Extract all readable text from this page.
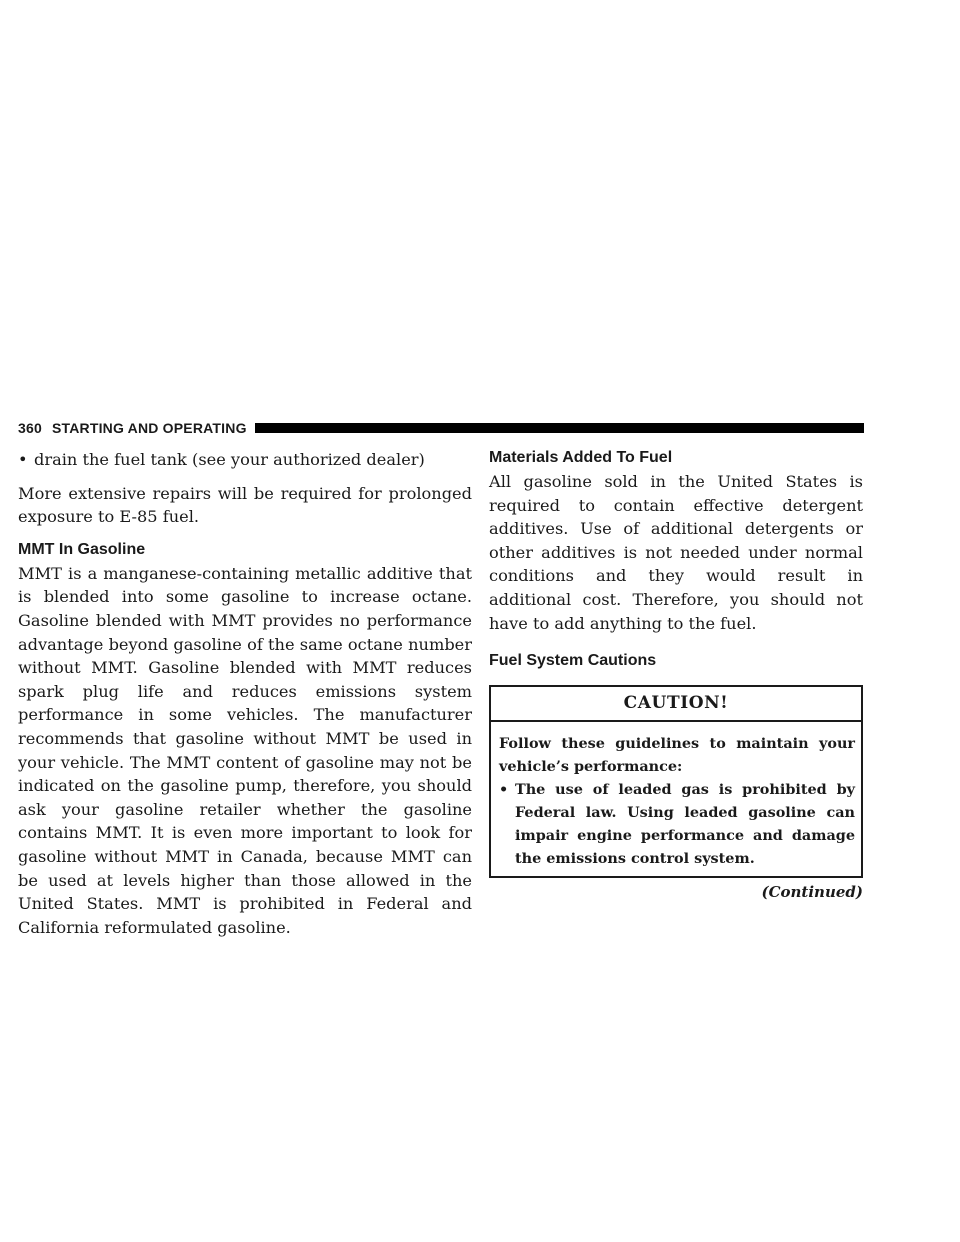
360 STARTING AND OPERATING
• drain the fuel tank (see your authorized dealer)

More extensive repairs will be required for prolonged exposure to E-85 fuel.

MMT In Gasoline

MMT is a manganese-containing metallic additive that is blended into some gasoline to increase octane. Gasoline blended with MMT provides no performance advantage beyond gasoline of the same octane number without MMT. Gasoline blended with MMT reduces spark plug life and reduces emissions system performance in some vehicles. The manufacturer recommends that gasoline without MMT be used in your vehicle. The MMT content of gasoline may not be indicated on the gasoline pump, therefore, you should ask your gasoline retailer whether the gasoline contains MMT. It is even more important to look for gasoline without MMT in Canada, because MMT can be used at levels higher than those allowed in the United States. MMT is prohibited in Federal and California reformulated gasoline.

Materials Added To Fuel

All gasoline sold in the United States is required to contain effective detergent additives. Use of additional detergents or other additives is not needed under normal conditions and they would result in additional cost. Therefore, you should not have to add anything to the fuel.

Fuel System Cautions
CAUTION!

Follow these guidelines to maintain your vehicle’s performance:

• The use of leaded gas is prohibited by Federal law. Using leaded gasoline can impair engine performance and damage the emissions control system.
(Continued)
